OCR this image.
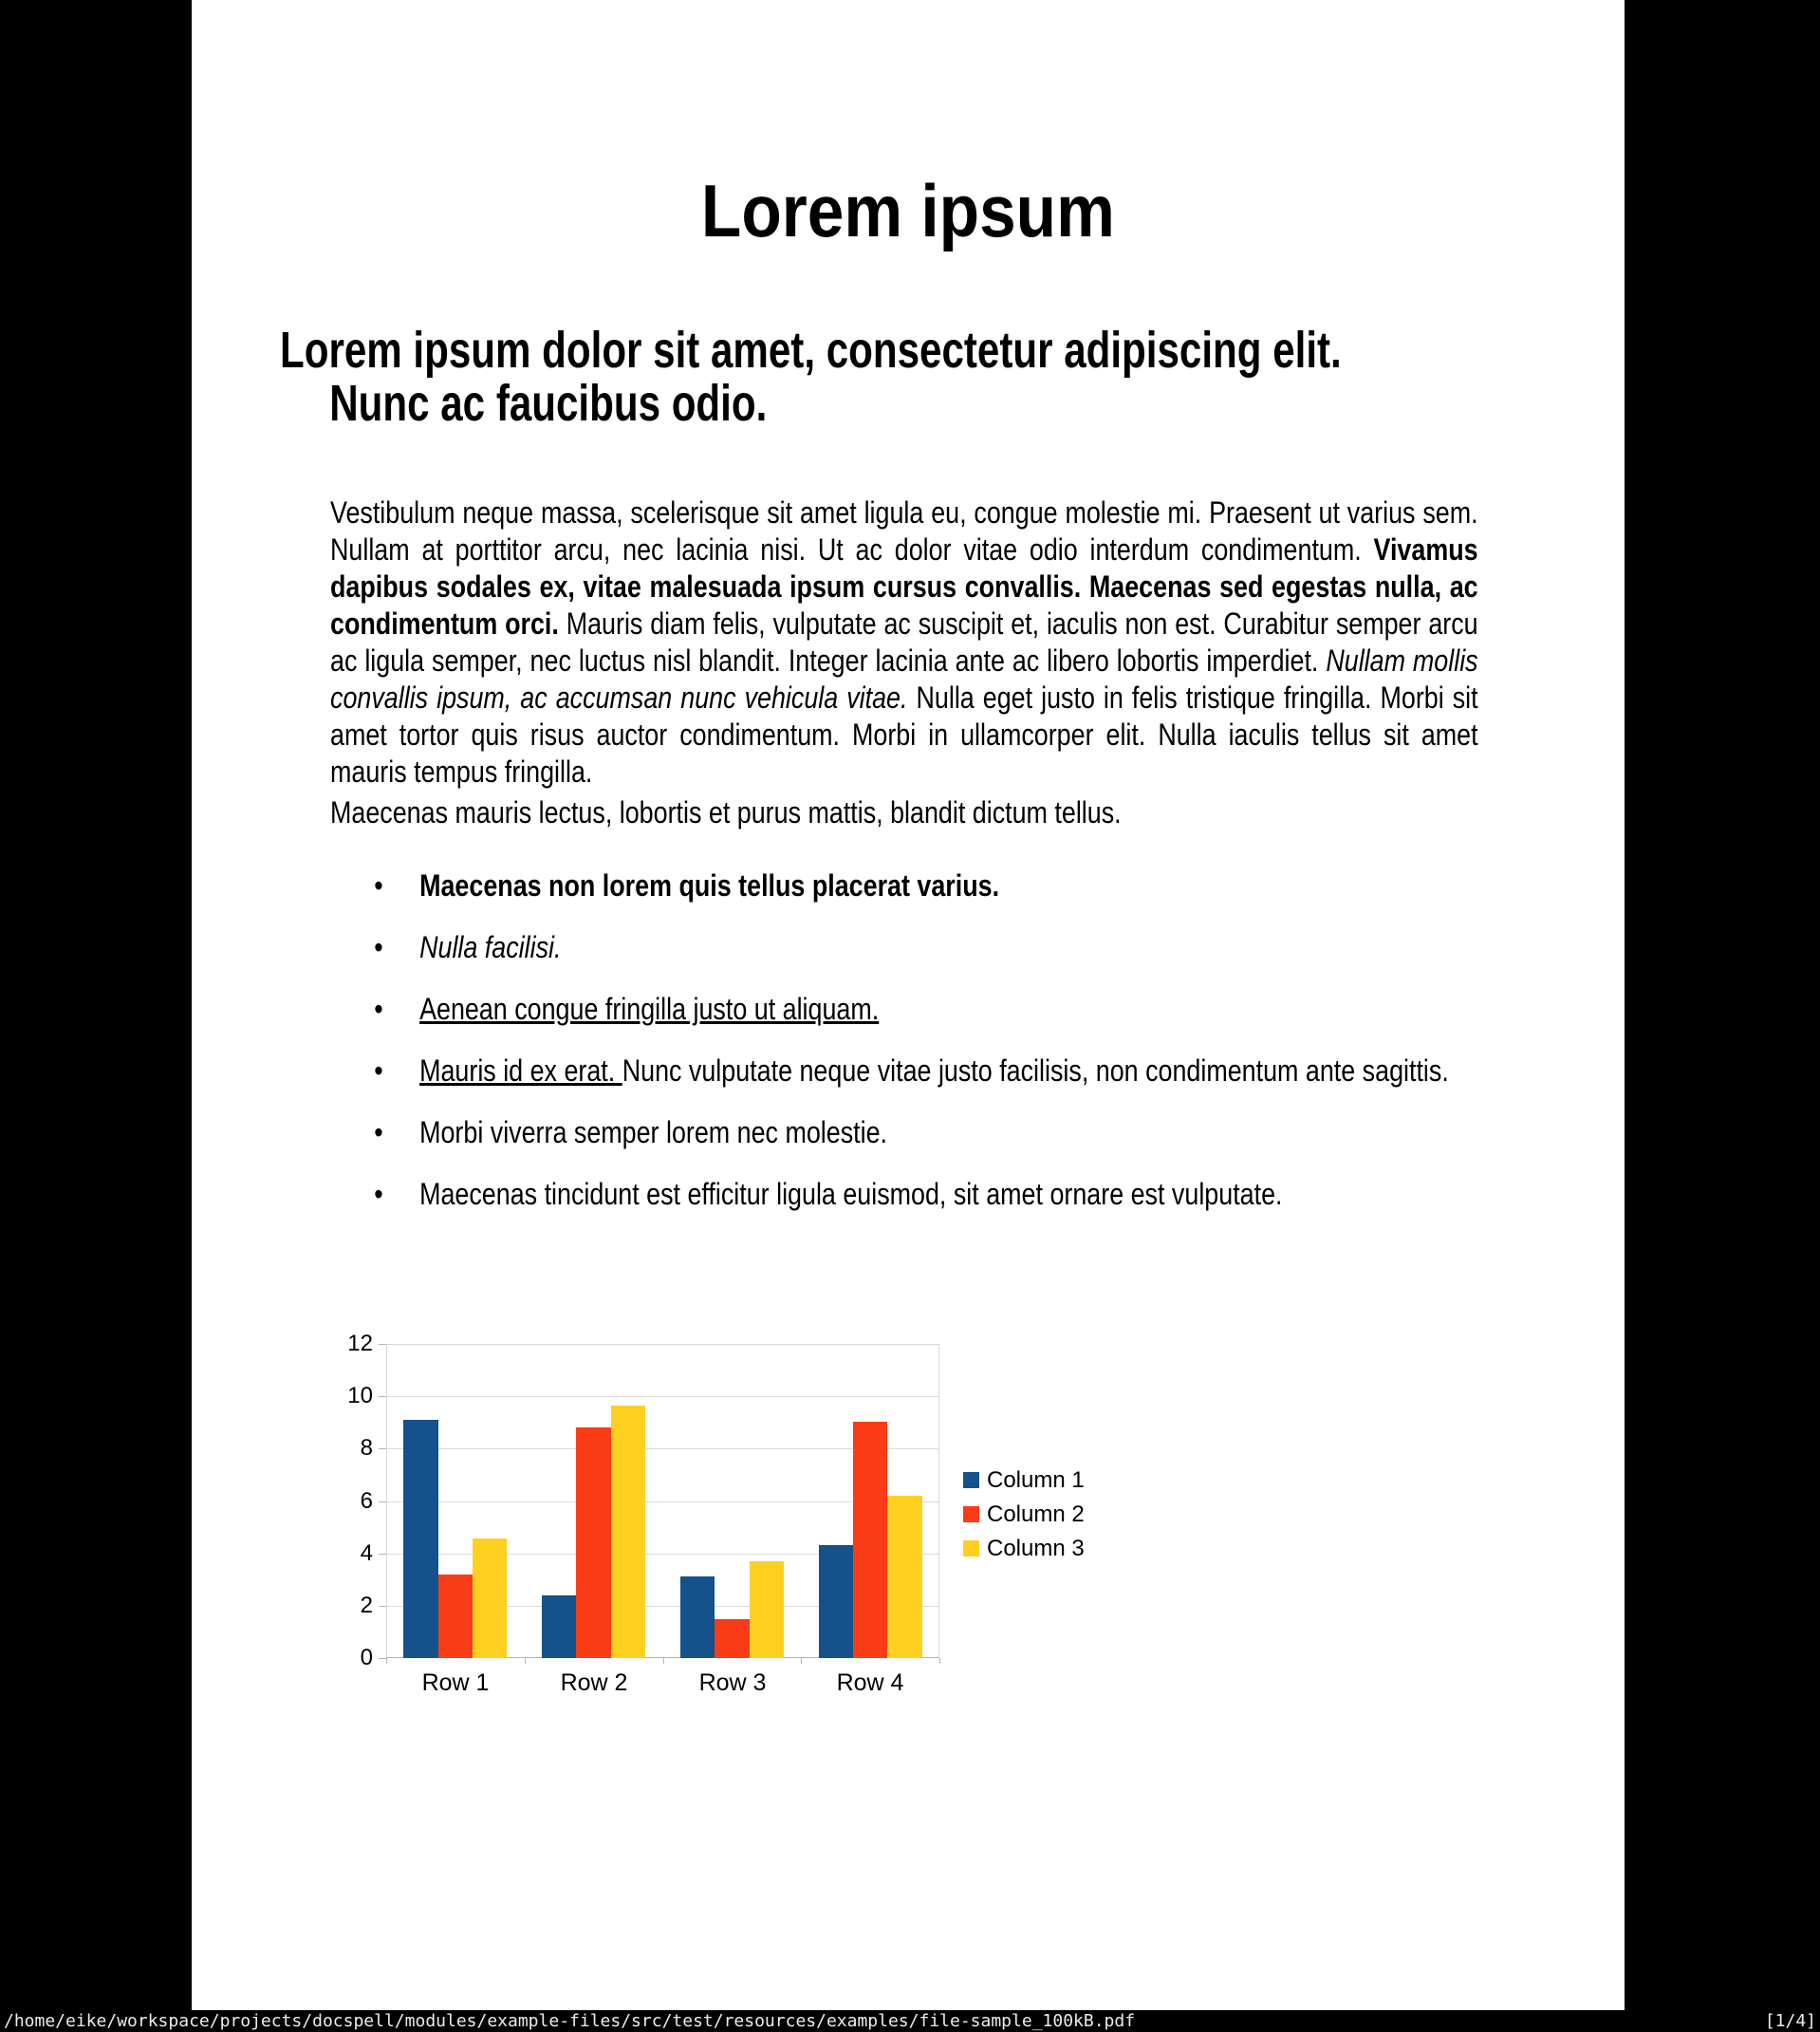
Lorem ipsum
Lorem ipsum dolor sit amet, consectetur adipiscing elit.
Nunc ac faucibus odio.
Vestibulum neque massa, scelerisque sit amet ligula eu, congue molestie mi. Praesent ut varius sem. Nullam at porttitor arcu, nec lacinia nisi. Ut ac dolor vitae odio interdum condimentum. Vivamus dapibus sodales ex, vitae malesuada ipsum cursus convallis. Maecenas sed egestas nulla, ac condimentum orci. Mauris diam felis, vulputate ac suscipit et, iaculis non est. Curabitur semper arcu ac ligula semper, nec luctus nisl blandit. Integer lacinia ante ac libero lobortis imperdiet. Nullam mollis convallis ipsum, ac accumsan nunc vehicula vitae. Nulla eget justo in felis tristique fringilla. Morbi sit amet tortor quis risus auctor condimentum. Morbi in ullamcorper elit. Nulla iaculis tellus sit amet mauris tempus fringilla.
Maecenas mauris lectus, lobortis et purus mattis, blandit dictum tellus.
• Maecenas non lorem quis tellus placerat varius.
• Nulla facilisi.
• Aenean congue fringilla justo ut aliquam.
• Mauris id ex erat. Nunc vulputate neque vitae justo facilisis, non condimentum ante sagittis.
• Morbi viverra semper lorem nec molestie.
• Maecenas tincidunt est efficitur ligula euismod, sit amet ornare est vulputate.
0
2
4
6
8
10
12
Row 1	Row 2	Row 3	Row 4
Column 1
Column 2
Column 3
/home/eike/workspace/projects/docspell/modules/example-files/src/test/resources/examples/file-sample_100kB.pdf	[1/4]
